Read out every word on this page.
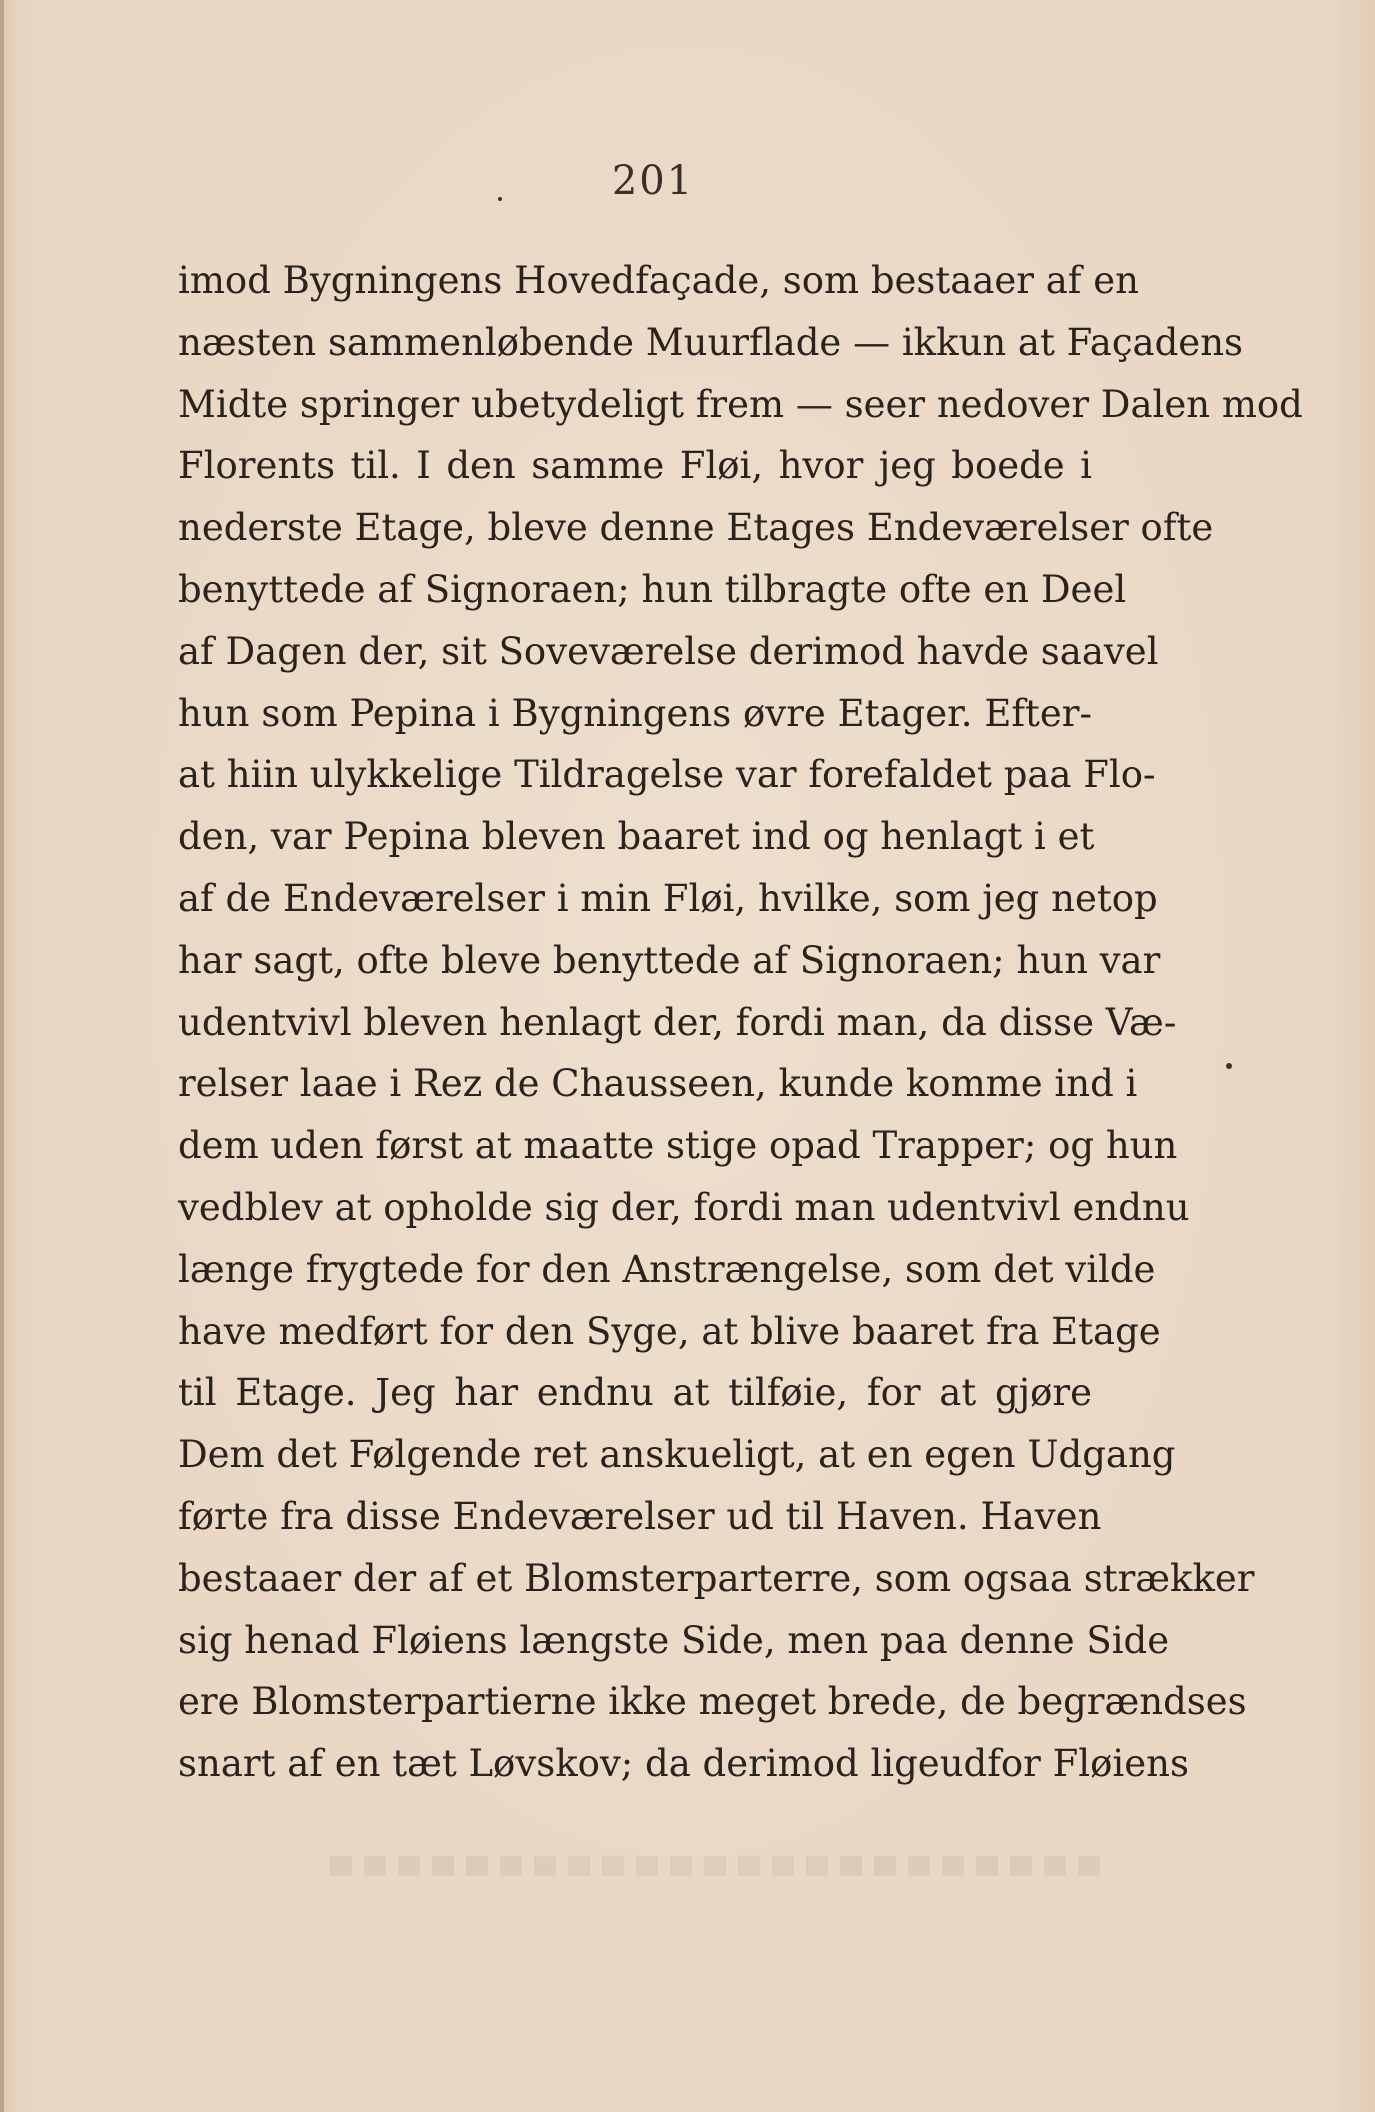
201
imod Bygningens Hovedfaçade, som bestaaer af en
næsten sammenløbende Muurflade — ikkun at Façadens
Midte springer ubetydeligt frem — seer nedover Dalen mod
Florents til. I den samme Fløi, hvor jeg boede i
nederste Etage, bleve denne Etages Endeværelser ofte
benyttede af Signoraen; hun tilbragte ofte en Deel
af Dagen der, sit Soveværelse derimod havde saavel
hun som Pepina i Bygningens øvre Etager. Efter-
at hiin ulykkelige Tildragelse var forefaldet paa Flo-
den, var Pepina bleven baaret ind og henlagt i et
af de Endeværelser i min Fløi, hvilke, som jeg netop
har sagt, ofte bleve benyttede af Signoraen; hun var
udentvivl bleven henlagt der, fordi man, da disse Væ-
relser laae i Rez de Chausseen, kunde komme ind i
dem uden først at maatte stige opad Trapper; og hun
vedblev at opholde sig der, fordi man udentvivl endnu
længe frygtede for den Anstrængelse, som det vilde
have medført for den Syge, at blive baaret fra Etage
til Etage. Jeg har endnu at tilføie, for at gjøre
Dem det Følgende ret anskueligt, at en egen Udgang
førte fra disse Endeværelser ud til Haven. Haven
bestaaer der af et Blomsterparterre, som ogsaa strækker
sig henad Fløiens længste Side, men paa denne Side
ere Blomsterpartierne ikke meget brede, de begrændses
snart af en tæt Løvskov; da derimod ligeudfor Fløiens
